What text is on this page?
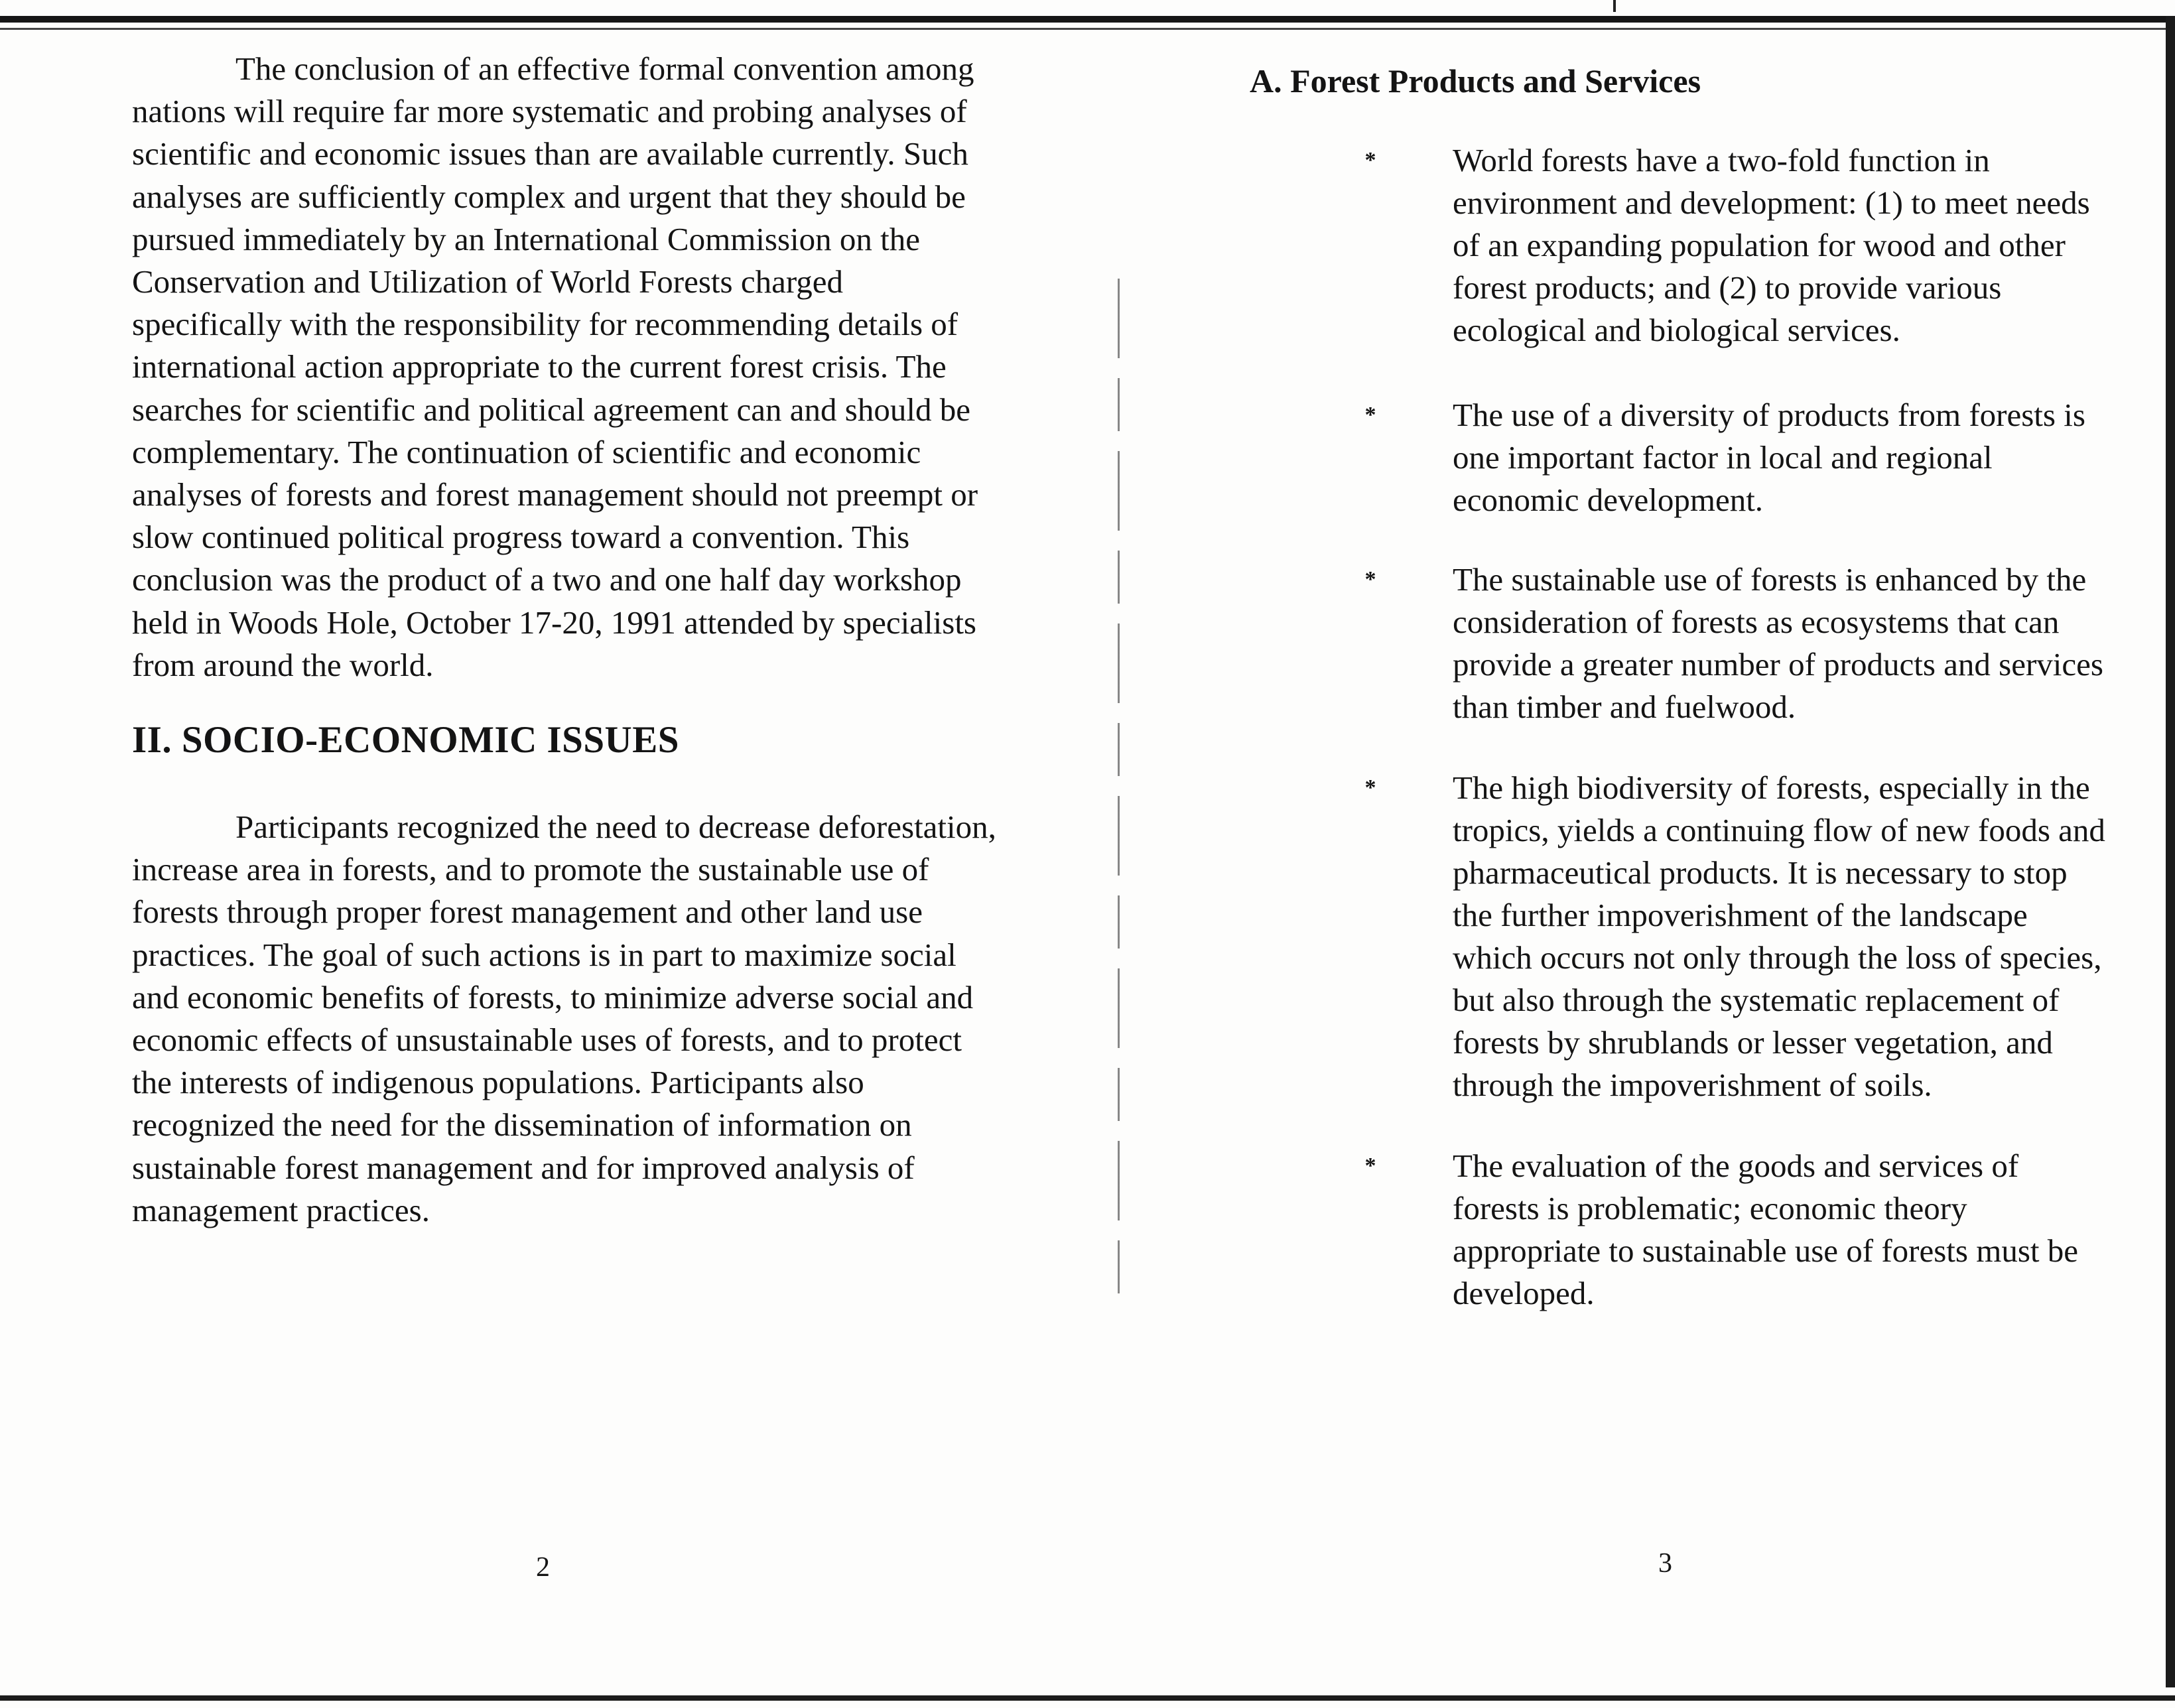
The conclusion of an effective formal convention among nations will require far more systematic and probing analyses of scientific and economic issues than are available currently. Such analyses are sufficiently complex and urgent that they should be pursued immediately by an International Commission on the Conservation and Utilization of World Forests charged specifically with the responsibility for recommending details of international action appropriate to the current forest crisis. The searches for scientific and political agreement can and should be complementary. The continuation of scientific and economic analyses of forests and forest management should not preempt or slow continued political progress toward a convention. This conclusion was the product of a two and one half day workshop held in Woods Hole, October 17-20, 1991 attended by specialists from around the world.

II. SOCIO-ECONOMIC ISSUES

Participants recognized the need to decrease deforestation, increase area in forests, and to promote the sustainable use of forests through proper forest management and other land use practices. The goal of such actions is in part to maximize social and economic benefits of forests, to minimize adverse social and economic effects of unsustainable uses of forests, and to protect the interests of indigenous populations. Participants also recognized the need for the dissemination of information on sustainable forest management and for improved analysis of management practices.

A. Forest Products and Services
* World forests have a two-fold function in environment and development: (1) to meet needs of an expanding population for wood and other forest products; and (2) to provide various ecological and biological services.
* The use of a diversity of products from forests is one important factor in local and regional economic development.
* The sustainable use of forests is enhanced by the consideration of forests as ecosystems that can provide a greater number of products and services than timber and fuelwood.
* The high biodiversity of forests, especially in the tropics, yields a continuing flow of new foods and pharmaceutical products. It is necessary to stop the further impoverishment of the landscape which occurs not only through the loss of species, but also through the systematic replacement of forests by shrublands or lesser vegetation, and through the impoverishment of soils.
* The evaluation of the goods and services of forests is problematic; economic theory appropriate to sustainable use of forests must be developed.
2	3
